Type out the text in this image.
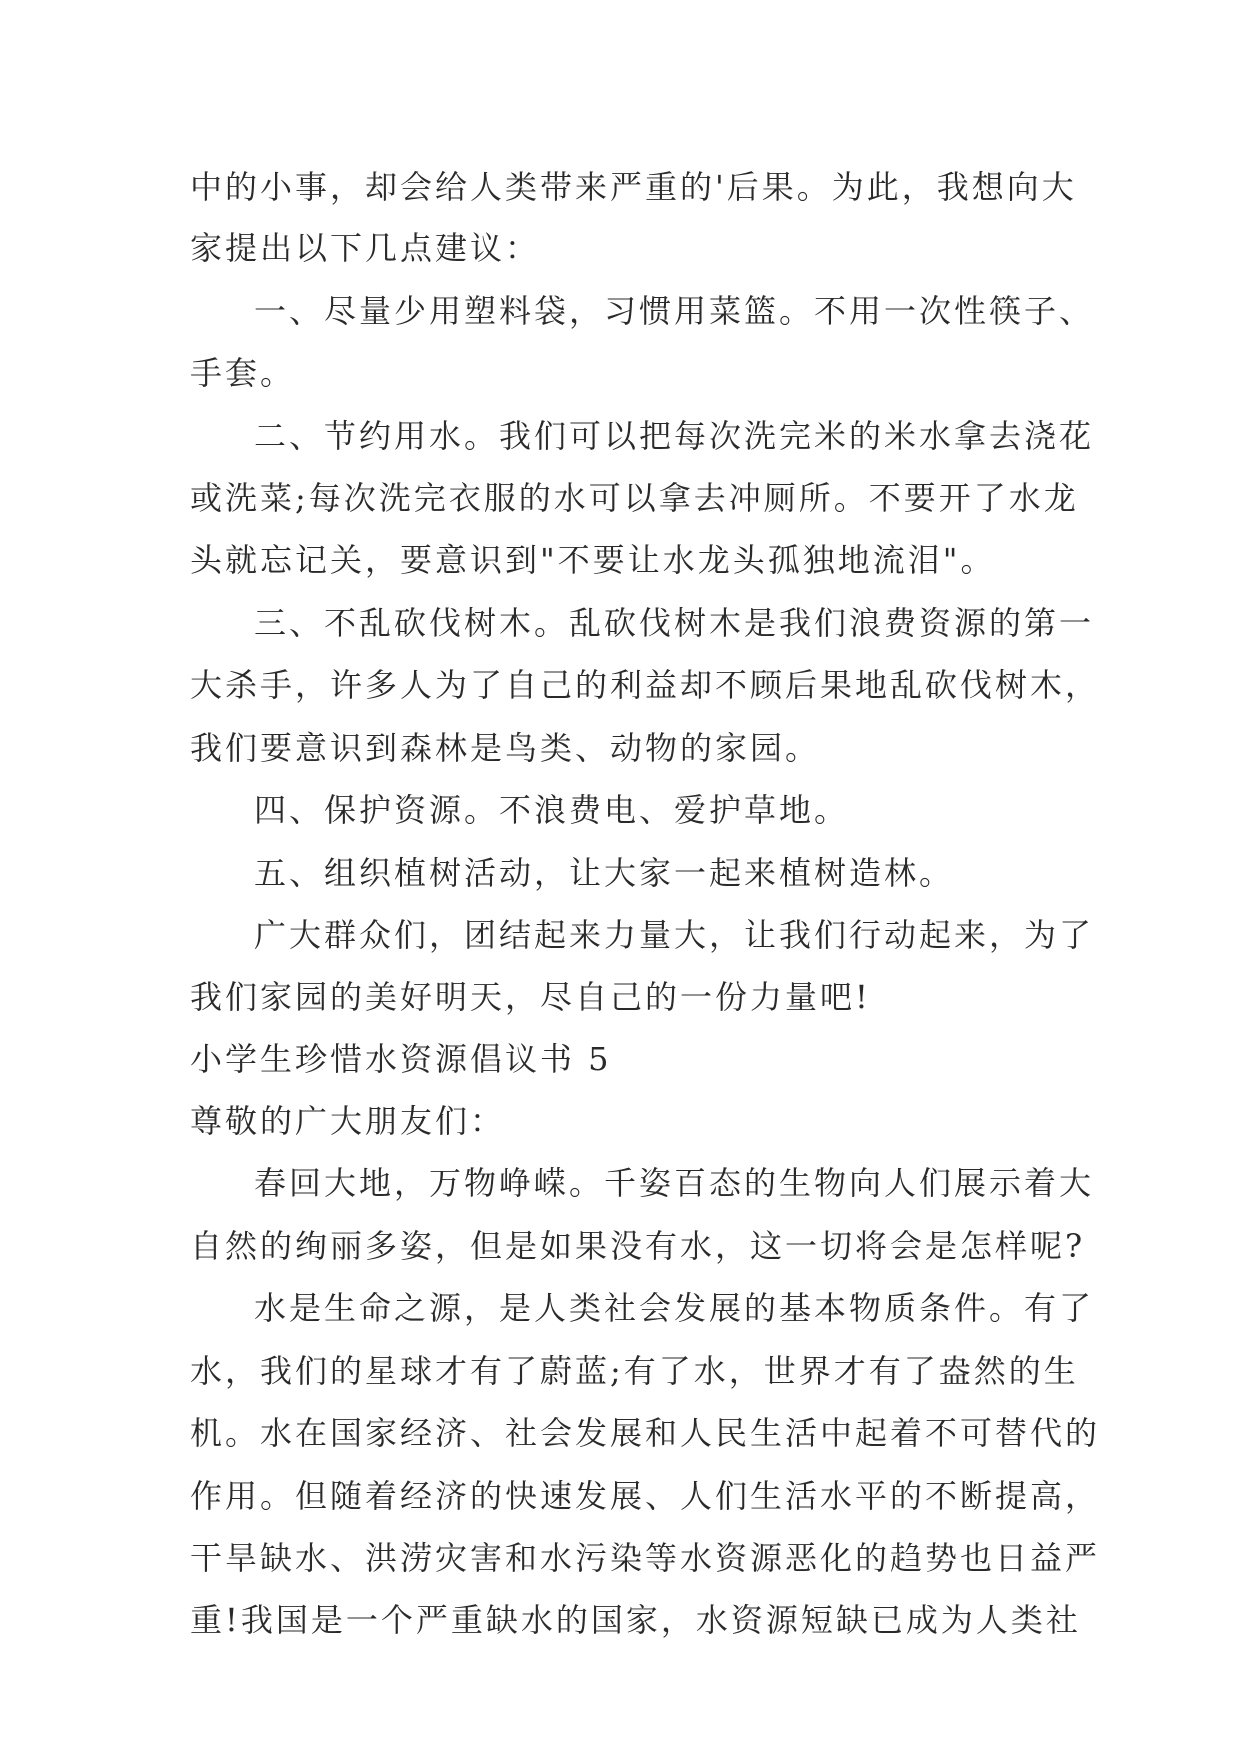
中的小事，却会给人类带来严重的'后果。为此，我想向大
家提出以下几点建议：
一、尽量少用塑料袋，习惯用菜篮。不用一次性筷子、
手套。
二、节约用水。我们可以把每次洗完米的米水拿去浇花
或洗菜;每次洗完衣服的水可以拿去冲厕所。不要开了水龙
头就忘记关，要意识到"不要让水龙头孤独地流泪"。
三、不乱砍伐树木。乱砍伐树木是我们浪费资源的第一
大杀手，许多人为了自己的利益却不顾后果地乱砍伐树木，
我们要意识到森林是鸟类、动物的家园。
四、保护资源。不浪费电、爱护草地。
五、组织植树活动，让大家一起来植树造林。
广大群众们，团结起来力量大，让我们行动起来，为了
我们家园的美好明天，尽自己的一份力量吧!
小学生珍惜水资源倡议书 5
尊敬的广大朋友们：
春回大地，万物峥嵘。千姿百态的生物向人们展示着大
自然的绚丽多姿，但是如果没有水，这一切将会是怎样呢?
水是生命之源，是人类社会发展的基本物质条件。有了
水，我们的星球才有了蔚蓝;有了水，世界才有了盎然的生
机。水在国家经济、社会发展和人民生活中起着不可替代的
作用。但随着经济的快速发展、人们生活水平的不断提高，
干旱缺水、洪涝灾害和水污染等水资源恶化的趋势也日益严
重!我国是一个严重缺水的国家，水资源短缺已成为人类社
